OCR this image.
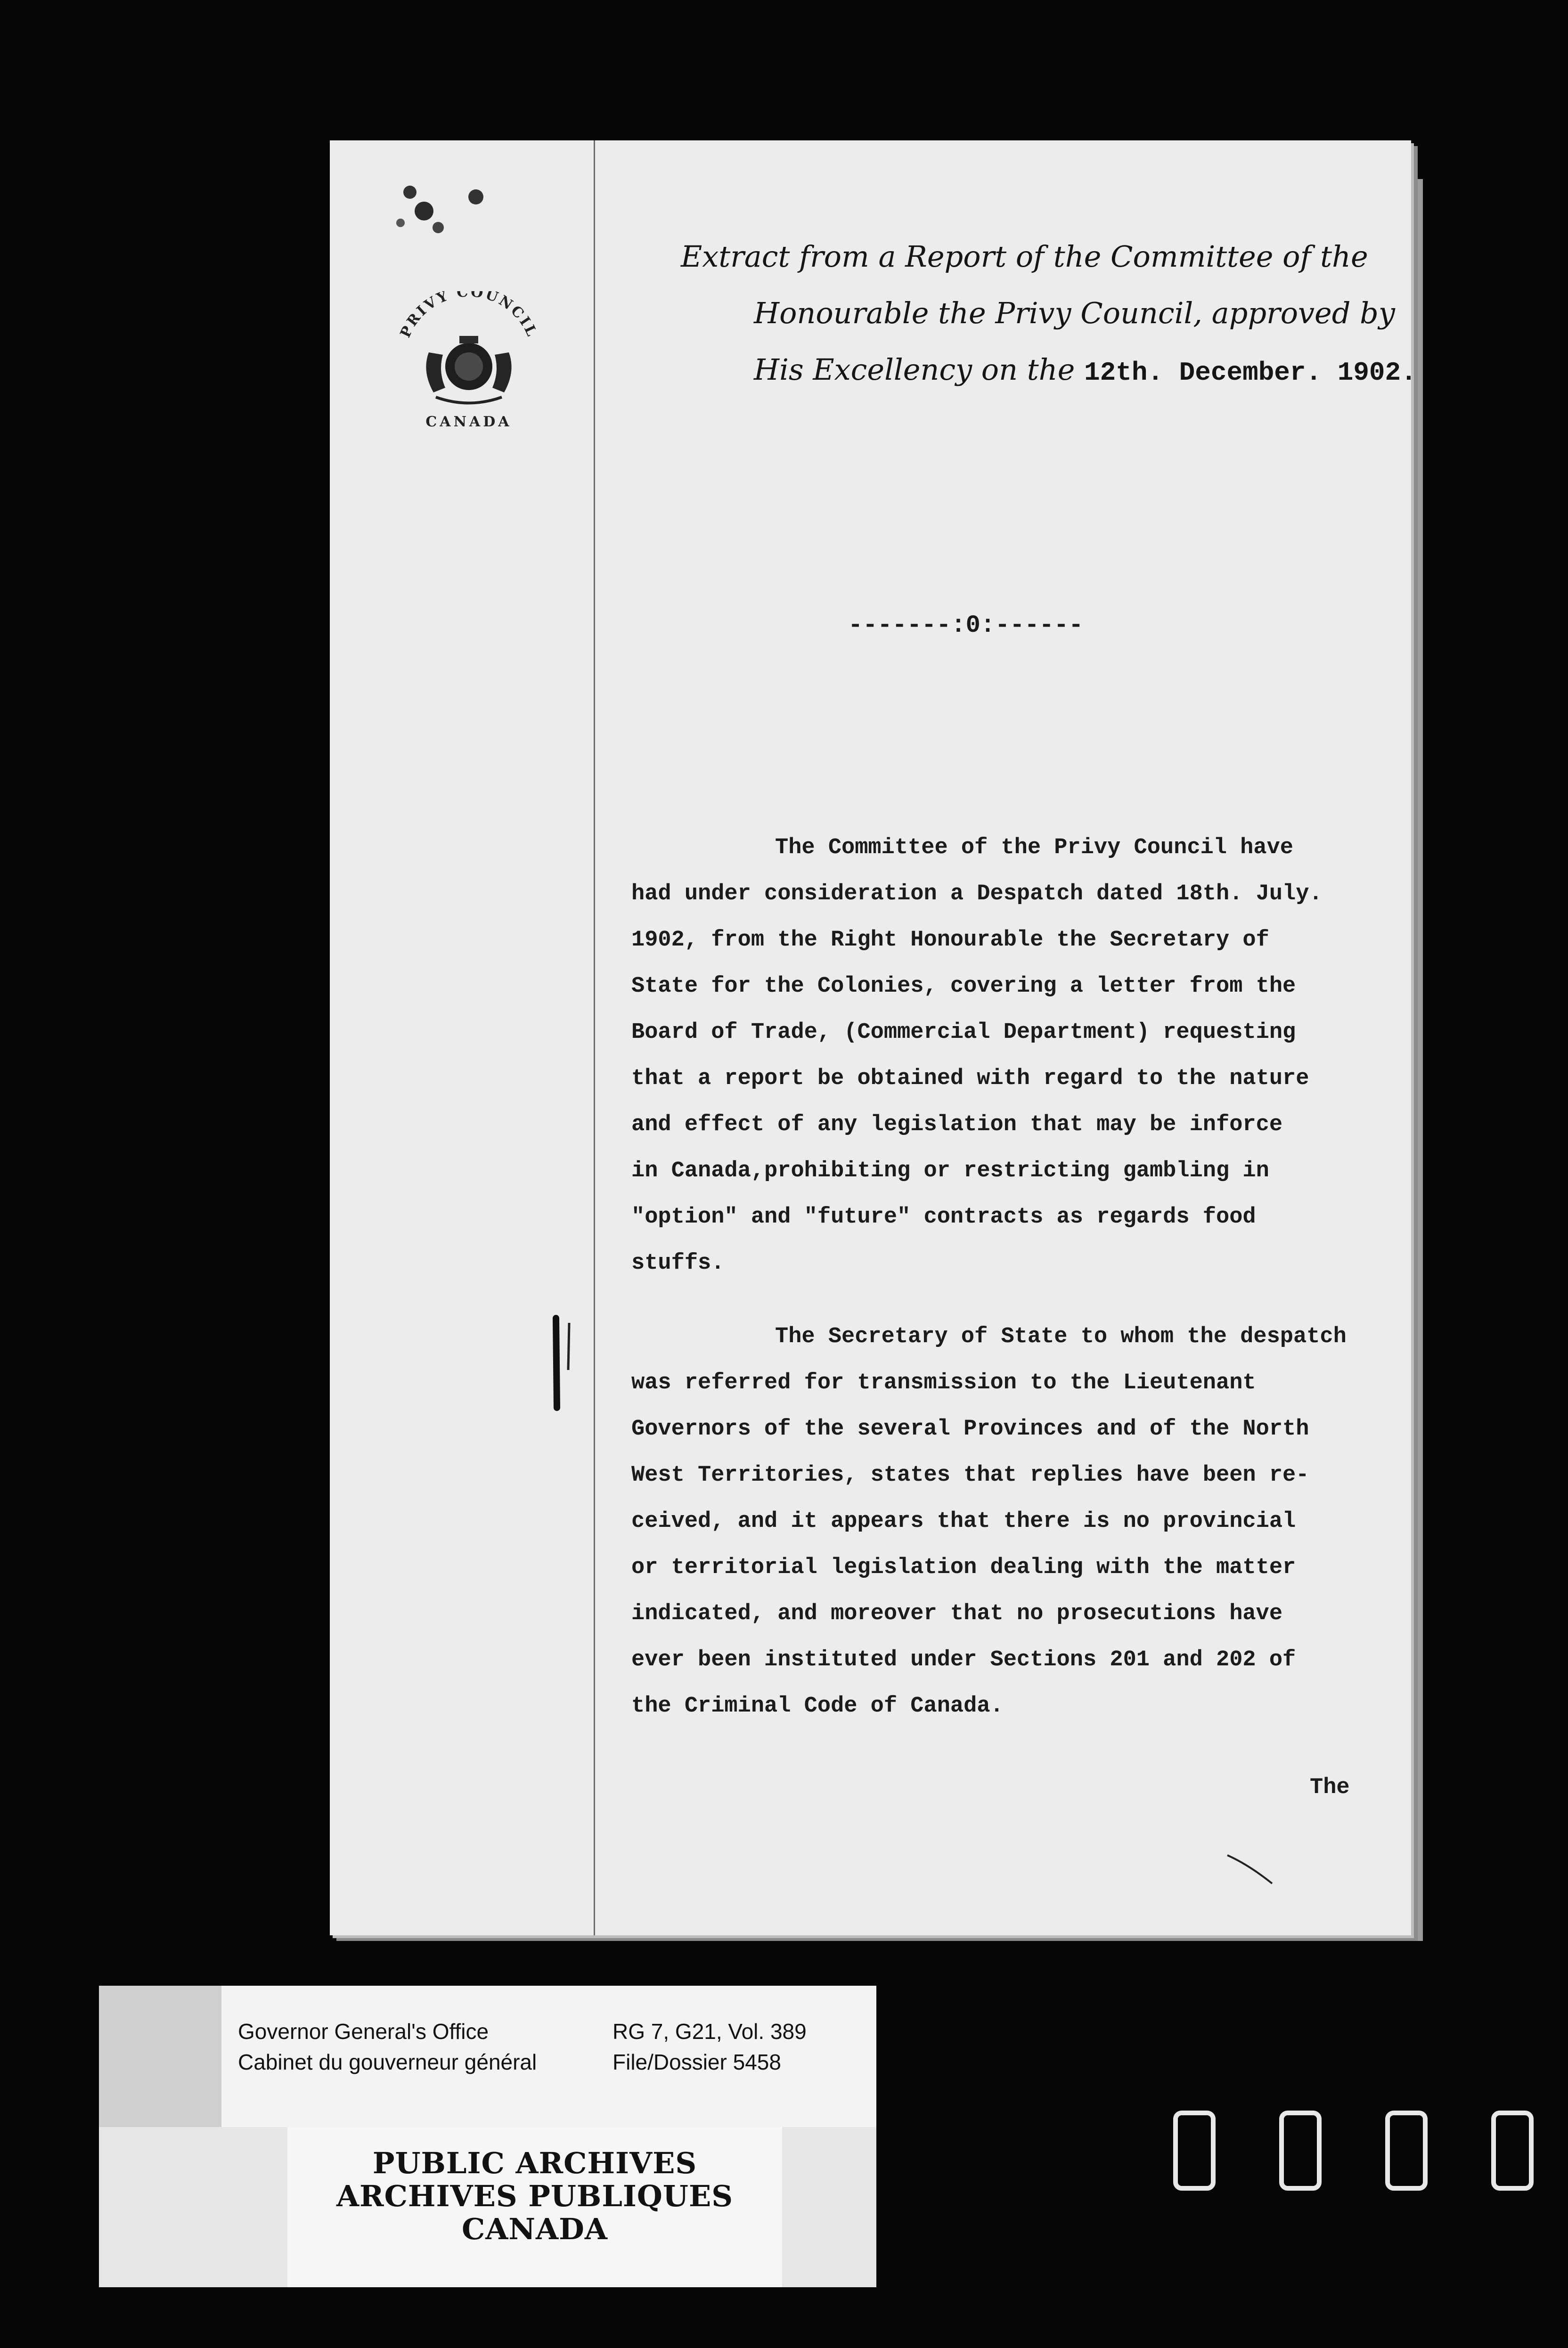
PRIVY COUNCIL
CANADA
Extract from a Report of the Committee of the
Honourable the Privy Council, approved by
His Excellency on the 12th. December. 1902.
-------:0:------
The Committee of the Privy Council have
had under consideration a Despatch dated 18th. July.
1902, from the Right Honourable the Secretary of
State for the Colonies, covering a letter from the
Board of Trade, (Commercial Department) requesting
that a report be obtained with regard to the nature
and effect of any legislation that may be inforce
in Canada,prohibiting or restricting gambling in
"option" and "future" contracts as regards food
stuffs.
The Secretary of State to whom the despatch
was referred for transmission to the Lieutenant
Governors of the several Provinces and of the North
West Territories, states that replies have been re-
ceived, and it appears that there is no provincial
or territorial legislation dealing with the matter
indicated, and moreover that no prosecutions have
ever been instituted under Sections 201 and 202 of
the Criminal Code of Canada.
The
Governor General's Office
Cabinet du gouverneur général
RG 7, G21, Vol. 389
File/Dossier 5458
PUBLIC ARCHIVES
ARCHIVES PUBLIQUES
CANADA
0	0	0	0
